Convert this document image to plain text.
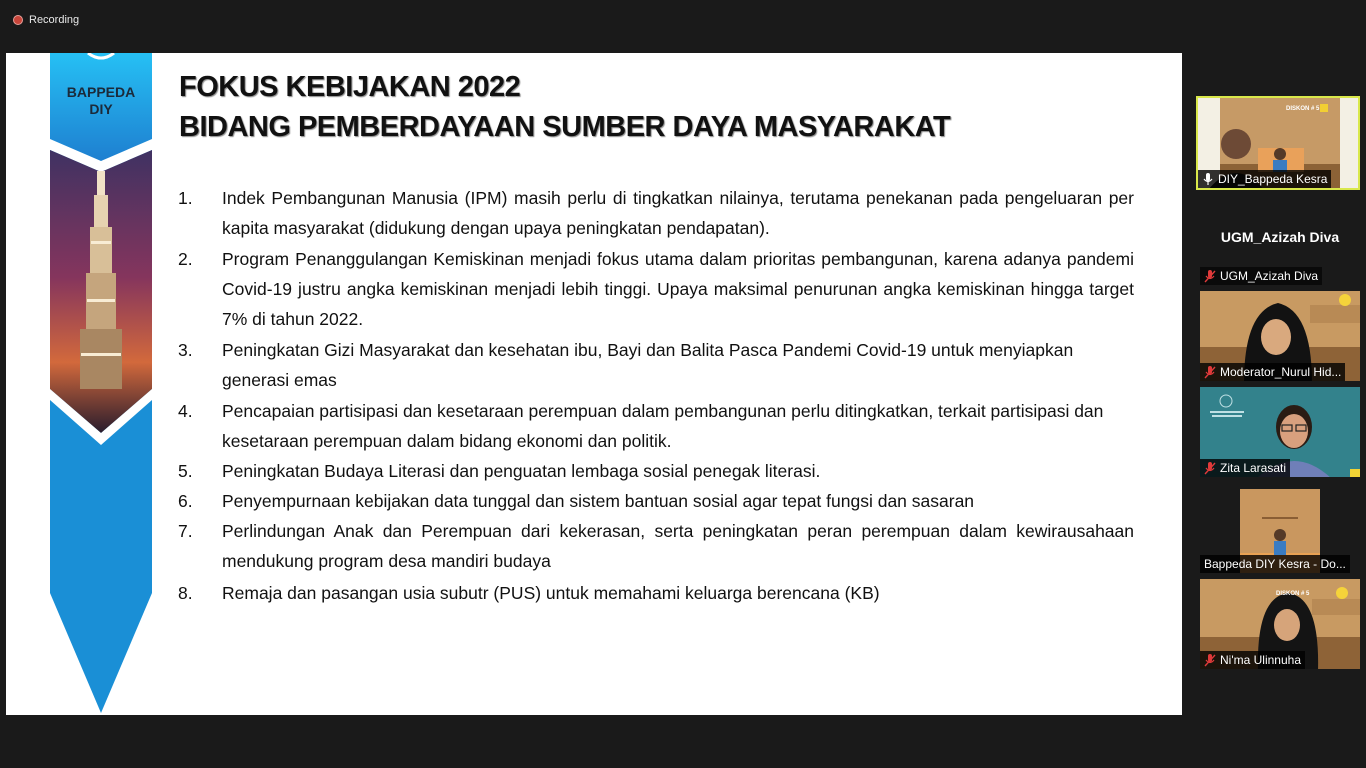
Recording
BAPPEDA
DIY
FOKUS KEBIJAKAN 2022
BIDANG PEMBERDAYAAN SUMBER DAYA MASYARAKAT
1.	Indek Pembangunan Manusia (IPM) masih perlu di tingkatkan nilainya, terutama penekanan pada pengeluaran per
kapita masyarakat (didukung dengan upaya peningkatan pendapatan).
2.	Program Penanggulangan Kemiskinan menjadi fokus utama dalam prioritas pembangunan, karena adanya pandemi
Covid-19 justru angka kemiskinan menjadi lebih tinggi. Upaya maksimal penurunan angka kemiskinan hingga target
7% di tahun 2022.
3.	Peningkatan Gizi Masyarakat dan kesehatan ibu, Bayi dan Balita Pasca Pandemi Covid-19 untuk menyiapkan
generasi emas
4.	Pencapaian partisipasi dan kesetaraan perempuan dalam pembangunan perlu ditingkatkan, terkait partisipasi dan
kesetaraan perempuan dalam bidang ekonomi dan politik.
5.	Peningkatan Budaya Literasi dan penguatan lembaga sosial penegak literasi.
6.	Penyempurnaan kebijakan data tunggal dan sistem bantuan sosial agar tepat fungsi dan sasaran
7.	Perlindungan Anak dan Perempuan dari kekerasan, serta peningkatan peran perempuan dalam kewirausahaan
mendukung program desa mandiri budaya
8.	Remaja dan pasangan usia subutr (PUS) untuk memahami keluarga berencana (KB)
DISKON # 5
DIY_Bappeda Kesra
UGM_Azizah Diva
UGM_Azizah Diva
Moderator_Nurul Hid...
Zita Larasati
Bappeda DIY Kesra - Do...
DISKON # 5
Ni'ma Ulinnuha
